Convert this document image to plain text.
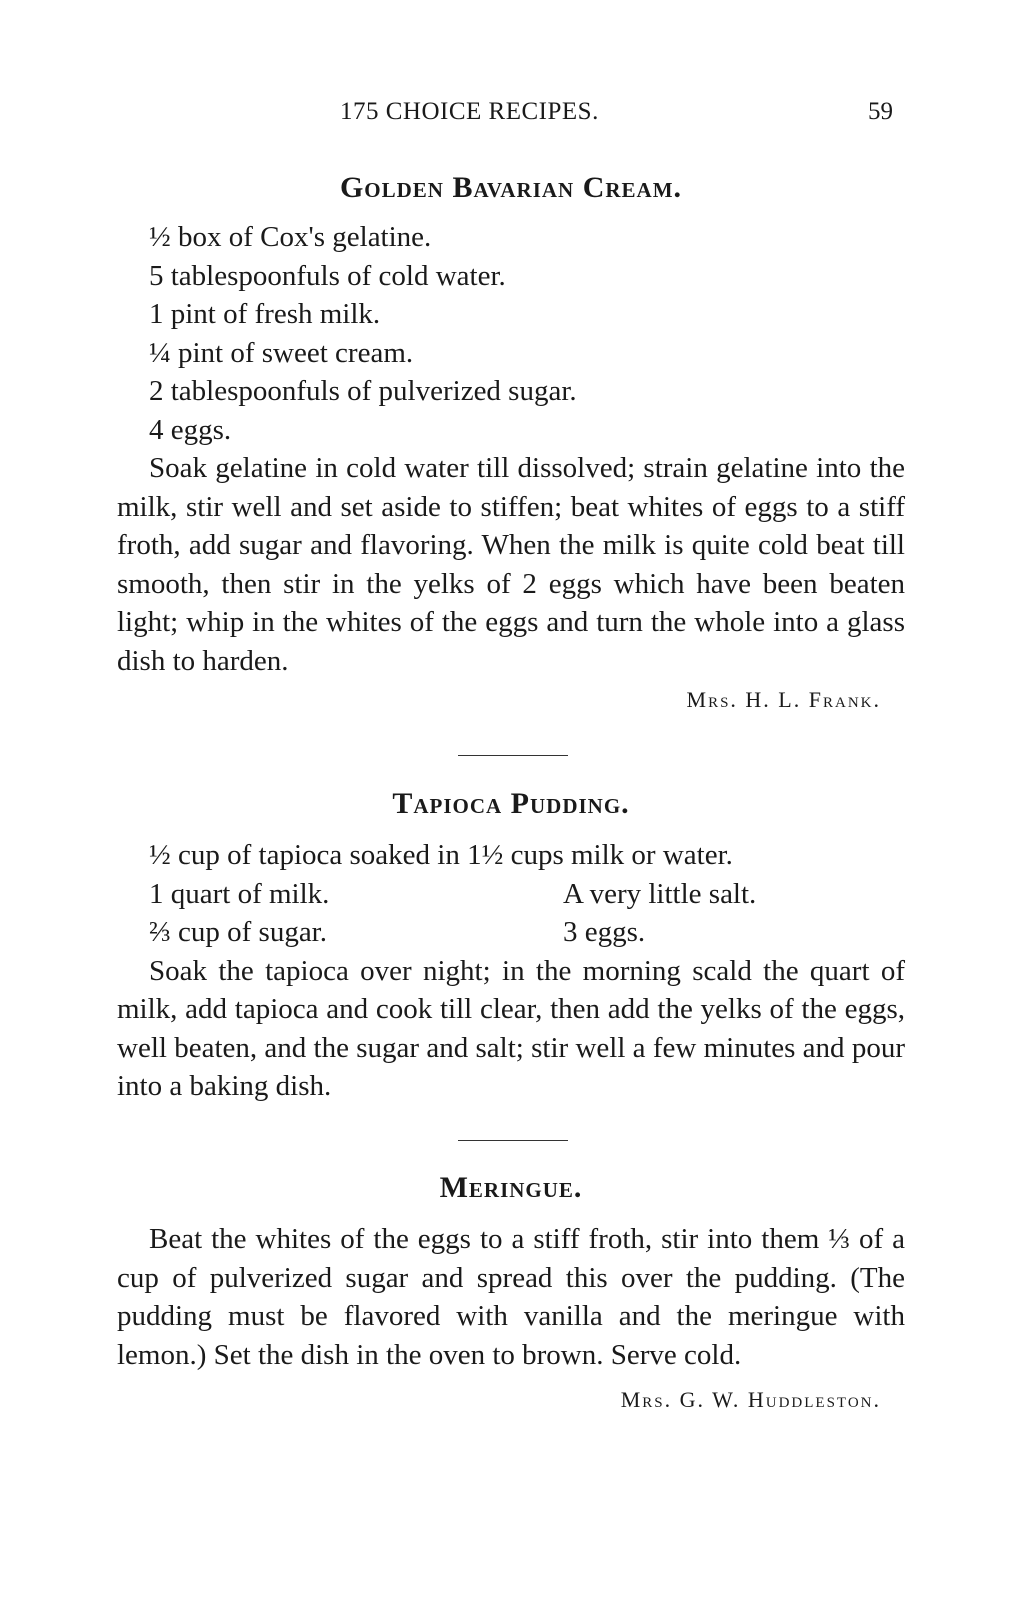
175 CHOICE RECIPES.	59
Golden Bavarian Cream.

½ box of Cox's gelatine.

5 tablespoonfuls of cold water.

1 pint of fresh milk.

¼ pint of sweet cream.

2 tablespoonfuls of pulverized sugar.

4 eggs.

Soak gelatine in cold water till dissolved; strain gelatine into the milk, stir well and set aside to stiffen; beat whites of eggs to a stiff froth, add sugar and flavoring. When the milk is quite cold beat till smooth, then stir in the yelks of 2 eggs which have been beaten light; whip in the whites of the eggs and turn the whole into a glass dish to harden.

Mrs. H. L. Frank.

Tapioca Pudding.

½ cup of tapioca soaked in 1½ cups milk or water.

1 quart of milk.	A very little salt.
⅔ cup of sugar.	3 eggs.

Soak the tapioca over night; in the morning scald the quart of milk, add tapioca and cook till clear, then add the yelks of the eggs, well beaten, and the sugar and salt; stir well a few minutes and pour into a baking dish.

Meringue.

Beat the whites of the eggs to a stiff froth, stir into them ⅓ of a cup of pulverized sugar and spread this over the pudding. (The pudding must be flavored with vanilla and the meringue with lemon.) Set the dish in the oven to brown. Serve cold.

Mrs. G. W. Huddleston.
